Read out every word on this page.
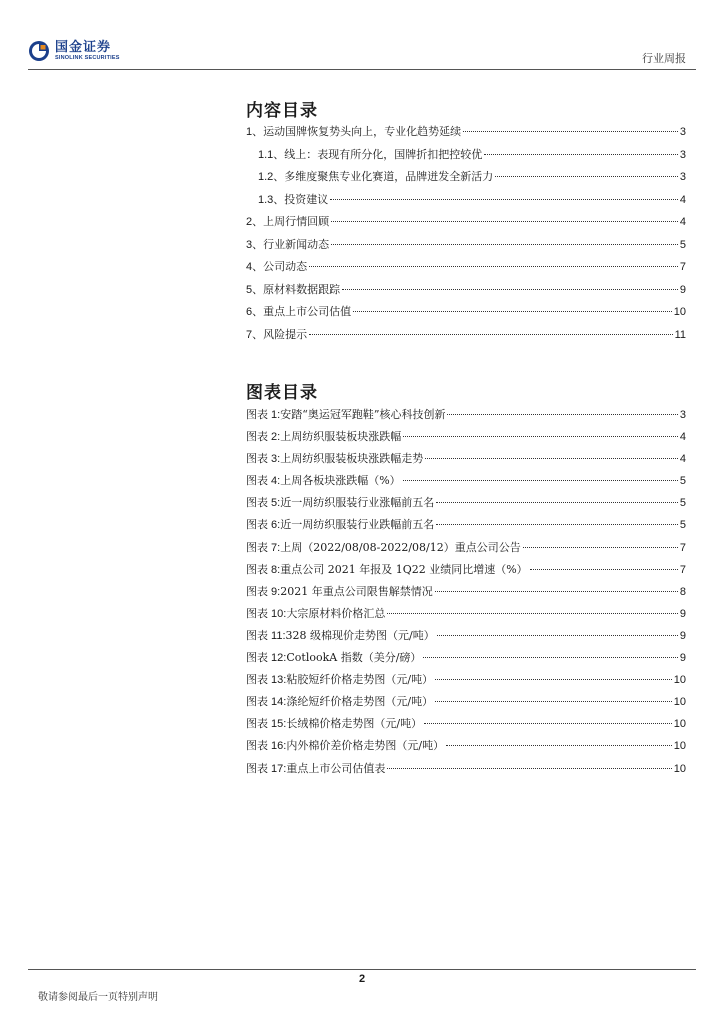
国金证券
SINOLINK SECURITIES	行业周报
内容目录
1、 运动国牌恢复势头向上，专业化趋势延续	3
1.1、 线上：表现有所分化，国牌折扣把控较优	3
1.2、 多维度聚焦专业化赛道，品牌迸发全新活力	3
1.3、 投资建议	4
2、 上周行情回顾	4
3、 行业新闻动态	5
4、 公司动态	7
5、 原材料数据跟踪	9
6、 重点上市公司估值	10
7、 风险提示	11
图表目录
图表 1: 安踏“奥运冠军跑鞋”核心科技创新	3
图表 2: 上周纺织服装板块涨跌幅	4
图表 3: 上周纺织服装板块涨跌幅走势	4
图表 4: 上周各板块涨跌幅（%）	5
图表 5: 近一周纺织服装行业涨幅前五名	5
图表 6: 近一周纺织服装行业跌幅前五名	5
图表 7: 上周（2022/08/08-2022/08/12）重点公司公告	7
图表 8: 重点公司 2021 年报及 1Q22 业绩同比增速（%）	7
图表 9: 2021 年重点公司限售解禁情况	8
图表 10: 大宗原材料价格汇总	9
图表 11: 328 级棉现价走势图（元/吨）	9
图表 12: CotlookA 指数（美分/磅）	9
图表 13: 粘胶短纤价格走势图（元/吨）	10
图表 14: 涤纶短纤价格走势图（元/吨）	10
图表 15: 长绒棉价格走势图（元/吨）	10
图表 16: 内外棉价差价格走势图（元/吨）	10
图表 17: 重点上市公司估值表	10
2
敬请参阅最后一页特别声明
